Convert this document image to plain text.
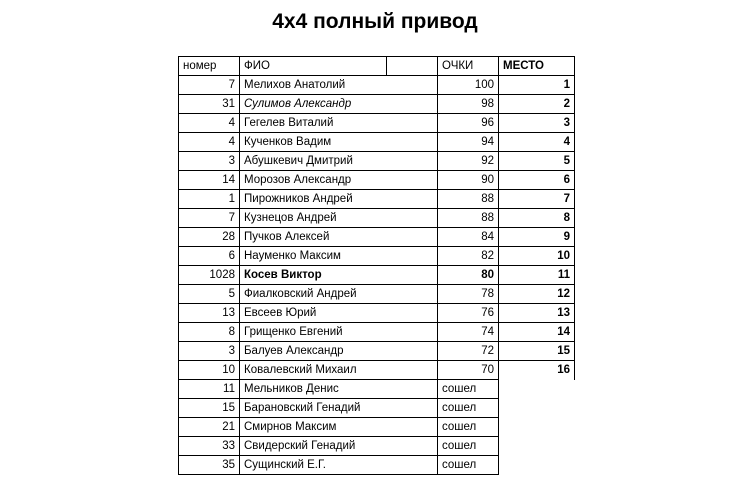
4x4 полный привод
номер	ФИО		ОЧКИ	МЕСТО
7	Мелихов Анатолий		100	1
31	Сулимов Александр		98	2
4	Гегелев Виталий		96	3
4	Кученков Вадим		94	4
3	Абушкевич Дмитрий		92	5
14	Морозов Александр		90	6
1	Пирожников Андрей		88	7
7	Кузнецов Андрей		88	8
28	Пучков Алексей		84	9
6	Науменко Максим		82	10
1028	Косев Виктор		80	11
5	Фиалковский Андрей		78	12
13	Евсеев Юрий		76	13
8	Грищенко Евгений		74	14
3	Балуев Александр		72	15
10	Ковалевский Михаил		70	16
11	Мельников Денис		сошел	
15	Барановский Генадий		сошел	
21	Смирнов Максим		сошел	
33	Свидерский Генадий		сошел	
35	Сущинский Е.Г.		сошел	
